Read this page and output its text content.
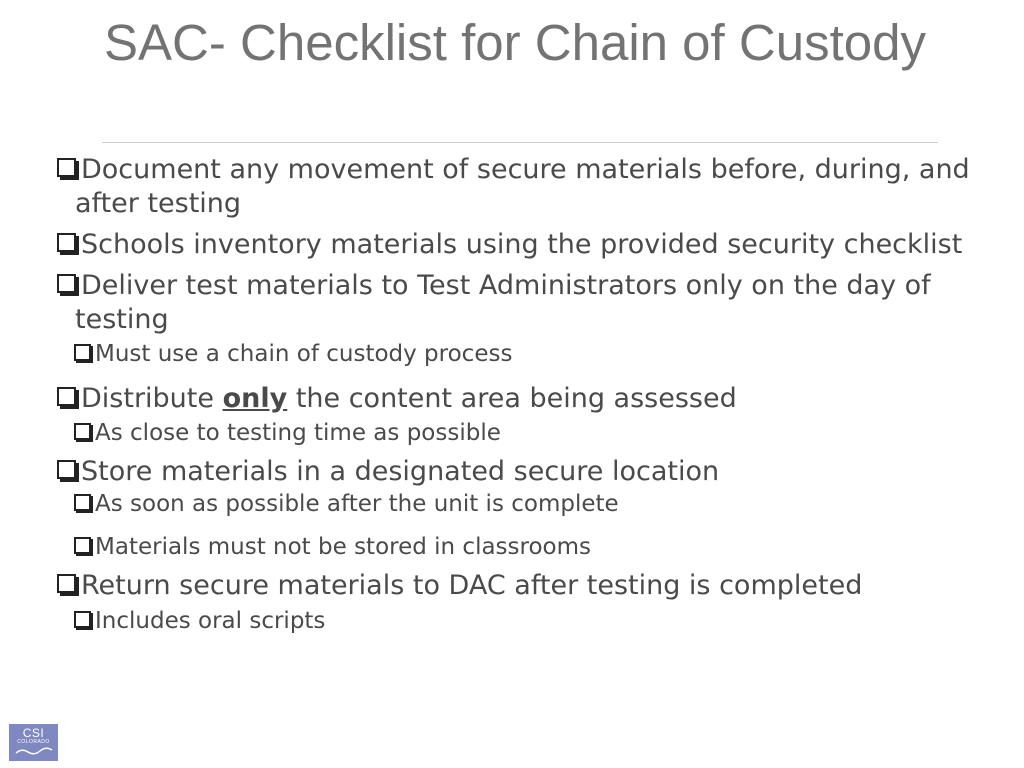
SAC- Checklist for Chain of Custody
Document any movement of secure materials before, during, and after testing
Schools inventory materials using the provided security checklist
Deliver test materials to Test Administrators only on the day of testing
Must use a chain of custody process
Distribute only the content area being assessed
As close to testing time as possible
Store materials in a designated secure location
As soon as possible after the unit is complete
Materials must not be stored in classrooms
Return secure materials to DAC after testing is completed
Includes oral scripts
CSI
COLORADO
